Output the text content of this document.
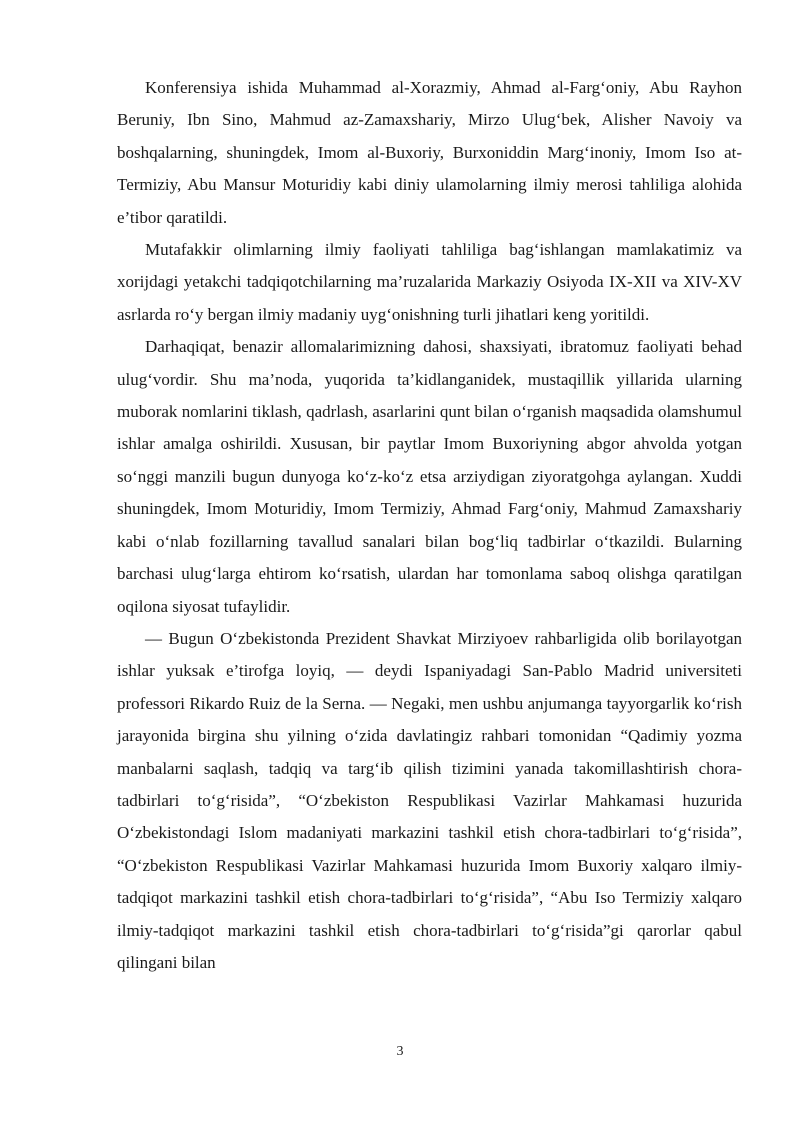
Konferensiya ishida Muhammad al-Xorazmiy, Ahmad al-Farg‘oniy, Abu Rayhon Beruniy, Ibn Sino, Mahmud az-Zamaxshariy, Mirzo Ulug‘bek, Alisher Navoiy va boshqalarning, shuningdek, Imom al-Buxoriy, Burxoniddin Marg‘inoniy, Imom Iso at-Termiziy, Abu Mansur Moturidiy kabi diniy ulamolarning ilmiy merosi tahliliga alohida e’tibor qaratildi.

Mutafakkir olimlarning ilmiy faoliyati tahliliga bag‘ishlangan mamlakatimiz va xorijdagi yetakchi tadqiqotchilarning ma’ruzalarida Markaziy Osiyoda IX-XII va XIV-XV asrlarda ro‘y bergan ilmiy madaniy uyg‘onishning turli jihatlari keng yoritildi.

Darhaqiqat, benazir allomalarimizning dahosi, shaxsiyati, ibratomuz faoliyati behad ulug‘vordir. Shu ma’noda, yuqorida ta’kidlanganidek, mustaqillik yillarida ularning muborak nomlarini tiklash, qadrlash, asarlarini qunt bilan o‘rganish maqsadida olamshumul ishlar amalga oshirildi. Xususan, bir paytlar Imom Buxoriyning abgor ahvolda yotgan so‘nggi manzili bugun dunyoga ko‘z-ko‘z etsa arziydigan ziyoratgohga aylangan. Xuddi shuningdek, Imom Moturidiy, Imom Termiziy, Ahmad Farg‘oniy, Mahmud Zamaxshariy kabi o‘nlab fozillarning tavallud sanalari bilan bog‘liq tadbirlar o‘tkazildi. Bularning barchasi ulug‘larga ehtirom ko‘rsatish, ulardan har tomonlama saboq olishga qaratilgan oqilona siyosat tufaylidir.

— Bugun O‘zbekistonda Prezident Shavkat Mirziyoev rahbarligida olib borilayotgan ishlar yuksak e’tirofga loyiq, — deydi Ispaniyadagi San-Pablo Madrid universiteti professori Rikardo Ruiz de la Serna. — Negaki, men ushbu anjumanga tayyorgarlik ko‘rish jarayonida birgina shu yilning o‘zida davlatingiz rahbari tomonidan “Qadimiy yozma manbalarni saqlash, tadqiq va targ‘ib qilish tizimini yanada takomillashtirish chora-tadbirlari to‘g‘risida”, “O‘zbekiston Respublikasi Vazirlar Mahkamasi huzurida O‘zbekistondagi Islom madaniyati markazini tashkil etish chora-tadbirlari to‘g‘risida”, “O‘zbekiston Respublikasi Vazirlar Mahkamasi huzurida Imom Buxoriy xalqaro ilmiy-tadqiqot markazini tashkil etish chora-tadbirlari to‘g‘risida”, “Abu Iso Termiziy xalqaro ilmiy-tadqiqot markazini tashkil etish chora-tadbirlari to‘g‘risida”gi qarorlar qabul qilingani bilan

3
